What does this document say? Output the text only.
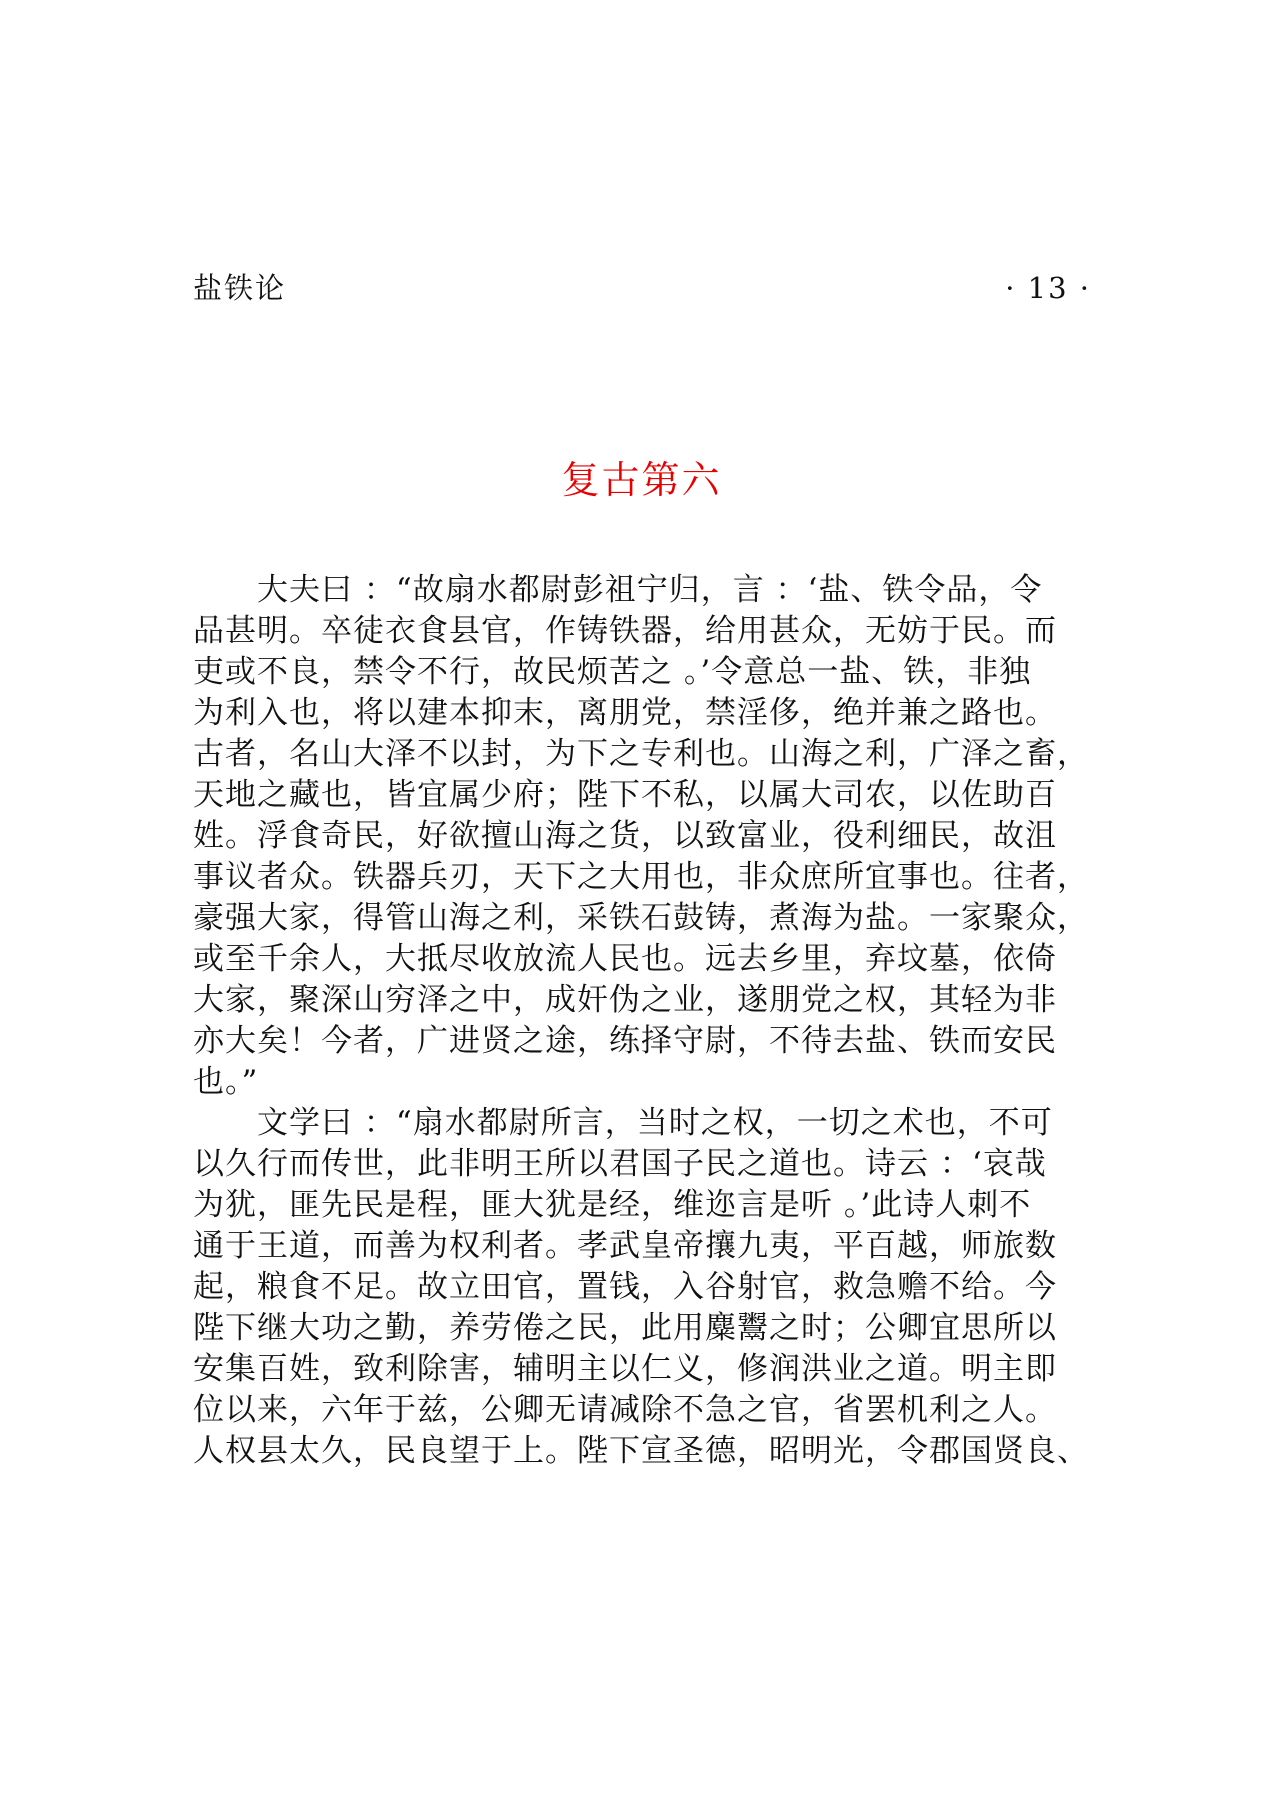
盐铁论	· 13 ·
复古第六

大夫曰 ：“故扇水都尉彭祖宁归，言 ：‘盐、铁令品，令
品甚明。卒徒衣食县官，作铸铁器，给用甚众，无妨于民。而
吏或不良，禁令不行，故民烦苦之 。’令意总一盐、铁，非独
为利入也，将以建本抑末，离朋党，禁淫侈，绝并兼之路也。
古者，名山大泽不以封，为下之专利也。山海之利，广泽之畜，
天地之藏也，皆宜属少府；陛下不私，以属大司农，以佐助百
姓。浮食奇民，好欲擅山海之货，以致富业，役利细民，故沮
事议者众。铁器兵刃，天下之大用也，非众庶所宜事也。往者，
豪强大家，得管山海之利，采铁石鼓铸，煮海为盐。一家聚众，
或至千余人，大抵尽收放流人民也。远去乡里，弃坟墓，依倚
大家，聚深山穷泽之中，成奸伪之业，遂朋党之权，其轻为非
亦大矣！今者，广进贤之途，练择守尉，不待去盐、铁而安民
也。”

文学曰 ：“扇水都尉所言，当时之权，一切之术也，不可
以久行而传世，此非明王所以君国子民之道也。诗云 ：‘哀哉
为犹，匪先民是程，匪大犹是经，维迩言是听 。’此诗人刺不
通于王道，而善为权利者。孝武皇帝攘九夷，平百越，师旅数
起，粮食不足。故立田官，置钱，入谷射官，救急赡不给。今
陛下继大功之勤，养劳倦之民，此用麋鬻之时；公卿宜思所以
安集百姓，致利除害，辅明主以仁义，修润洪业之道。明主即
位以来，六年于兹，公卿无请减除不急之官，省罢机利之人。
人权县太久，民良望于上。陛下宣圣德，昭明光，令郡国贤良、
